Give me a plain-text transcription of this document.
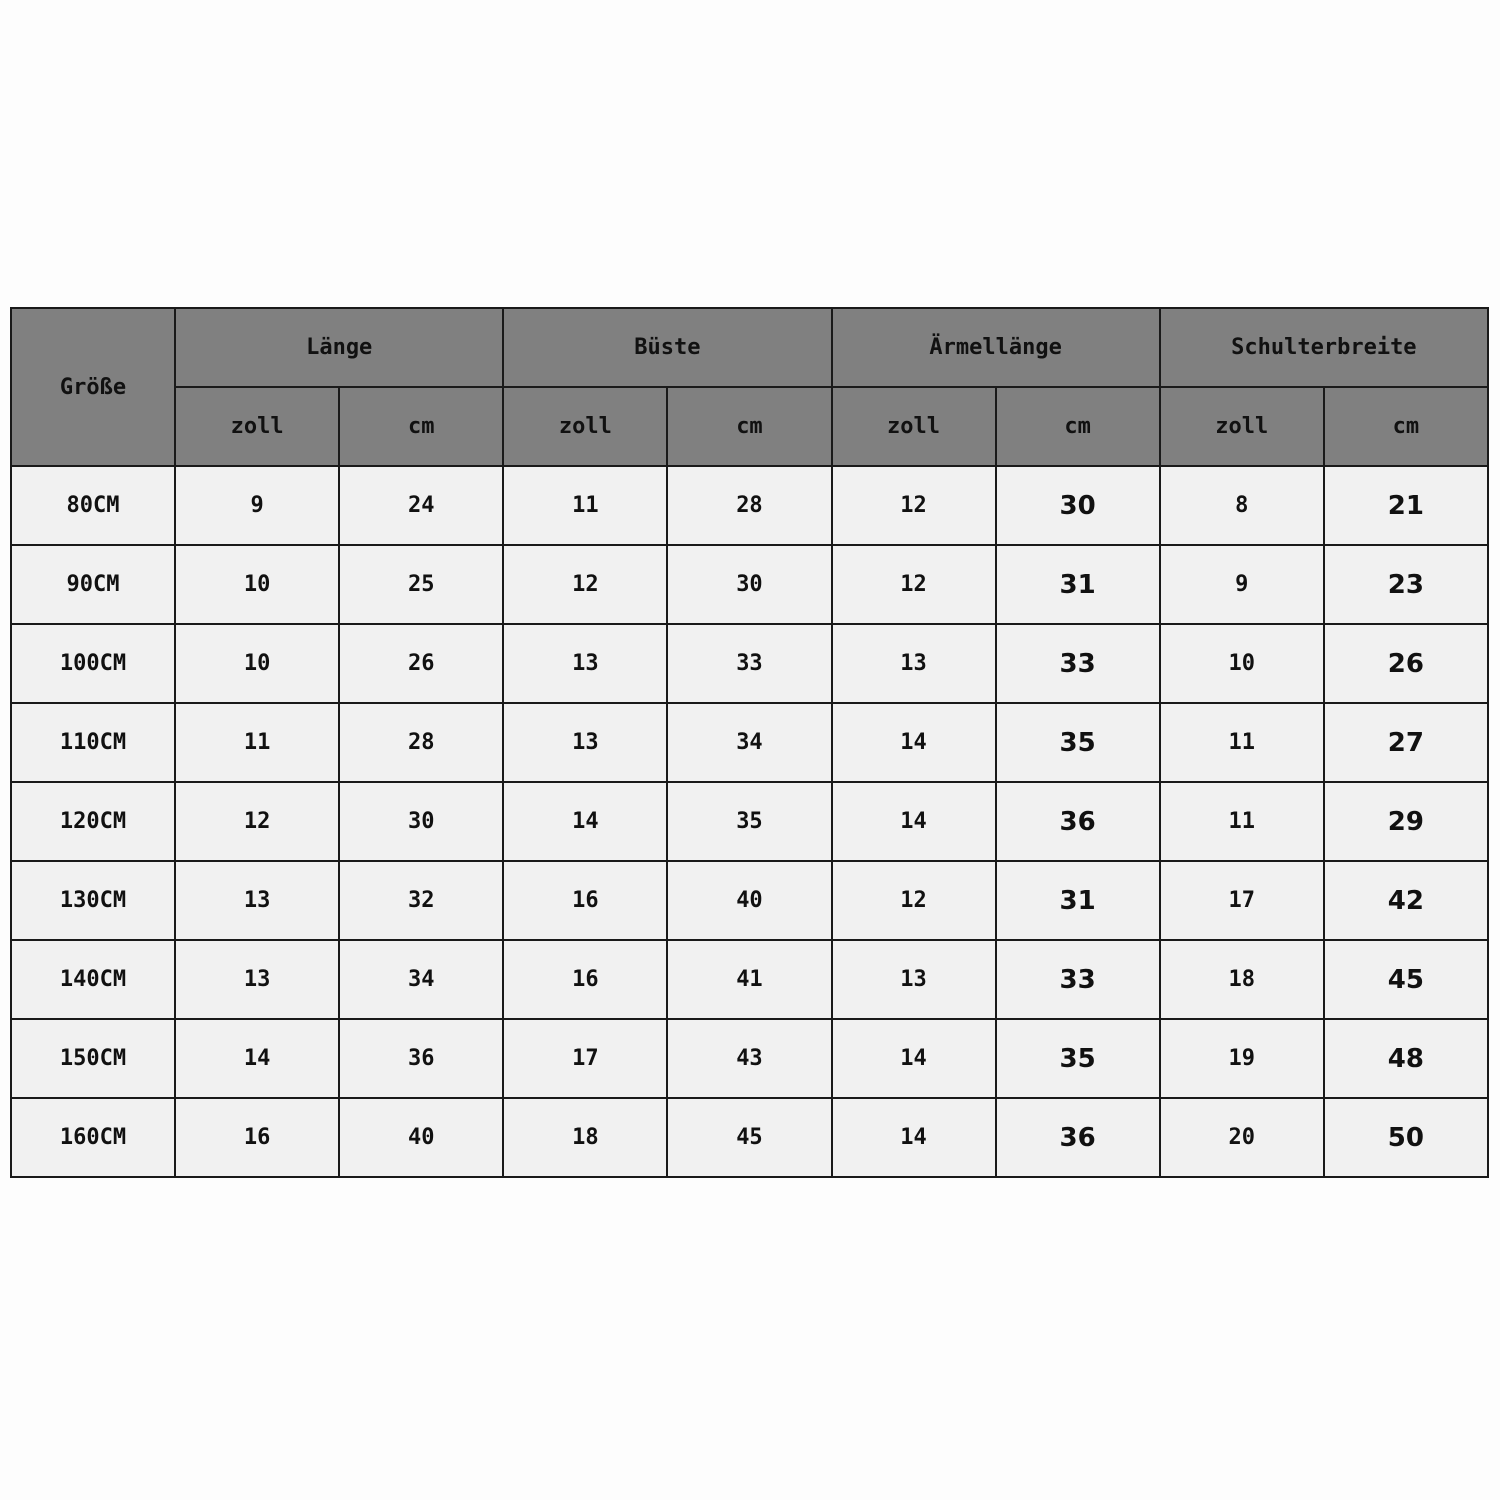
Größe	Länge		Büste		Ärmellänge		Schulterbreite	
	zoll	cm	zoll	cm	zoll	cm	zoll	cm
80CM	9	24	11	28	12	30	8	21
90CM	10	25	12	30	12	31	9	23
100CM	10	26	13	33	13	33	10	26
110CM	11	28	13	34	14	35	11	27
120CM	12	30	14	35	14	36	11	29
130CM	13	32	16	40	12	31	17	42
140CM	13	34	16	41	13	33	18	45
150CM	14	36	17	43	14	35	19	48
160CM	16	40	18	45	14	36	20	50
